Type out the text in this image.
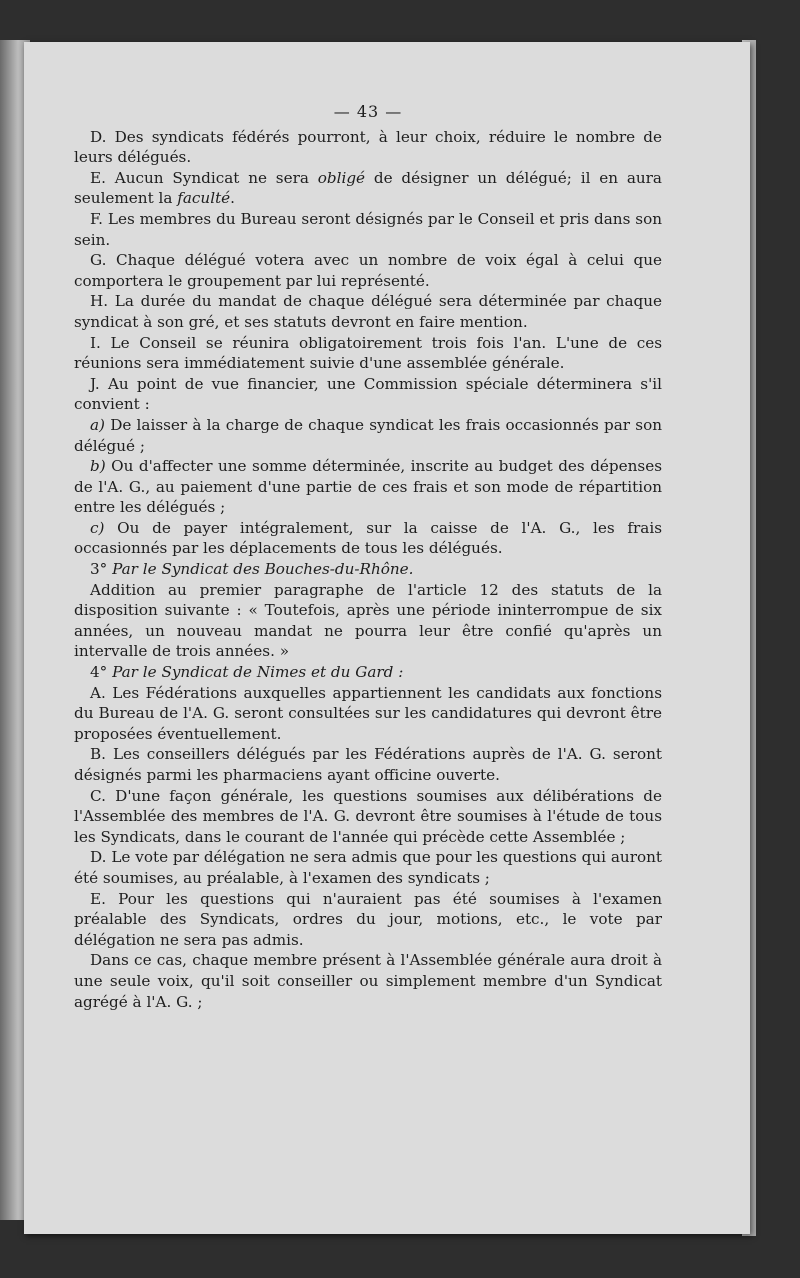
— 43 —

D. Des syndicats fédérés pourront, à leur choix, réduire le nombre de leurs délégués.

E. Aucun Syndicat ne sera obligé de désigner un délégué; il en aura seulement la faculté.

F. Les membres du Bureau seront désignés par le Conseil et pris dans son sein.

G. Chaque délégué votera avec un nombre de voix égal à celui que comportera le groupement par lui représenté.

H. La durée du mandat de chaque délégué sera déterminée par chaque syndicat à son gré, et ses statuts devront en faire mention.

I. Le Conseil se réunira obligatoirement trois fois l'an. L'une de ces réunions sera immédiatement suivie d'une assemblée générale.

J. Au point de vue financier, une Commission spéciale déterminera s'il convient :

a) De laisser à la charge de chaque syndicat les frais occasionnés par son délégué ;

b) Ou d'affecter une somme déterminée, inscrite au budget des dépenses de l'A. G., au paiement d'une partie de ces frais et son mode de répartition entre les délégués ;

c) Ou de payer intégralement, sur la caisse de l'A. G., les frais occasionnés par les déplacements de tous les délégués.

3° Par le Syndicat des Bouches-du-Rhône.

Addition au premier paragraphe de l'article 12 des statuts de la disposition suivante : « Toutefois, après une période ininterrompue de six années, un nouveau mandat ne pourra leur être confié qu'après un intervalle de trois années. »

4° Par le Syndicat de Nimes et du Gard :

A. Les Fédérations auxquelles appartiennent les candidats aux fonctions du Bureau de l'A. G. seront consultées sur les candidatures qui devront être proposées éventuellement.

B. Les conseillers délégués par les Fédérations auprès de l'A. G. seront désignés parmi les pharmaciens ayant officine ouverte.

C. D'une façon générale, les questions soumises aux délibérations de l'Assemblée des membres de l'A. G. devront être soumises à l'étude de tous les Syndicats, dans le courant de l'année qui précède cette Assemblée ;

D. Le vote par délégation ne sera admis que pour les questions qui auront été soumises, au préalable, à l'examen des syndicats ;

E. Pour les questions qui n'auraient pas été soumises à l'examen préalable des Syndicats, ordres du jour, motions, etc., le vote par délégation ne sera pas admis.

Dans ce cas, chaque membre présent à l'Assemblée générale aura droit à une seule voix, qu'il soit conseiller ou simplement membre d'un Syndicat agrégé à l'A. G. ;
